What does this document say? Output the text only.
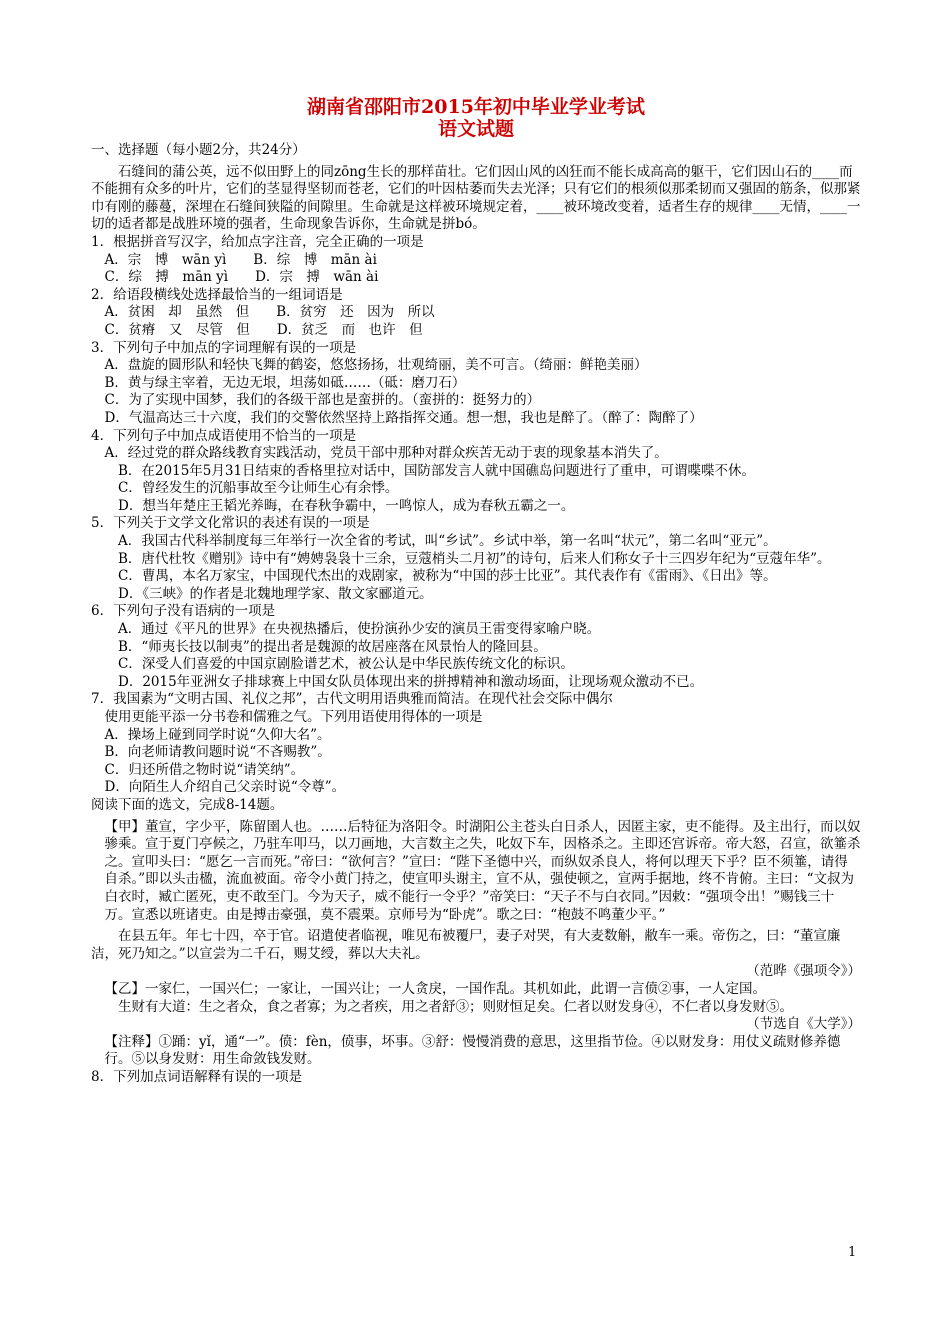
湖南省邵阳市2015年初中毕业学业考试
语文试题

一、选择题（每小题2分，共24分）

石缝间的蒲公英，远不似田野上的同zōng生长的那样苗壮。它们因山风的凶狂而不能长成高高的躯干，它们因山石的____而不能拥有众多的叶片，它们的茎显得坚韧而苍老，它们的叶因枯萎而失去光泽；只有它们的根须似那柔韧而又强固的筋条，似那紧巾有刚的藤蔓，深埋在石缝间狭隘的间隙里。生命就是这样被环境规定着，____被环境改变着，适者生存的规律____无情，____一切的适者都是战胜环境的强者，生命现象告诉你，生命就是拼bó。

1．根据拼音写汉字，给加点字注音，完全正确的一项是

A．宗　博　wān yì　　B．综　博　mān ài

C．综　搏　mān yì　　D．宗　搏　wān ài

2．给语段横线处选择最恰当的一组词语是

A．贫困　却　虽然　但　　B．贫穷　还　因为　所以

C．贫瘠　又　尽管　但　　D．贫乏　而　也许　但

3．下列句子中加点的字词理解有误的一项是

A．盘旋的圆形队和轻快飞舞的鹤姿，悠悠扬扬，壮观绮丽，美不可言。（绮丽：鲜艳美丽）

B．黄与绿主宰着，无边无垠，坦荡如砥……（砥：磨刀石）

C．为了实现中国梦，我们的各级干部也是蛮拼的。（蛮拼的：挺努力的）

D．气温高达三十六度，我们的交警依然坚持上路指挥交通。想一想，我也是醉了。（醉了：陶醉了）

4．下列句子中加点成语使用不恰当的一项是

A．经过党的群众路线教育实践活动，党员干部中那种对群众疾苦无动于衷的现象基本消失了。

B．在2015年5月31日结束的香格里拉对话中，国防部发言人就中国礁岛问题进行了重申，可谓喋喋不休。

C．曾经发生的沉船事故至今让师生心有余悸。

D．想当年楚庄王韬光养晦，在春秋争霸中，一鸣惊人，成为春秋五霸之一。

5．下列关于文学文化常识的表述有误的一项是

A．我国古代科举制度每三年举行一次全省的考试，叫“乡试”。乡试中举，第一名叫“状元”，第二名叫“亚元”。

B．唐代杜牧《赠别》诗中有“娉娉袅袅十三余，豆蔻梢头二月初”的诗句，后来人们称女子十三四岁年纪为“豆蔻年华”。

C．曹禺，本名万家宝，中国现代杰出的戏剧家，被称为“中国的莎士比亚”。其代表作有《雷雨》、《日出》等。

D．《三峡》的作者是北魏地理学家、散文家郦道元。

6．下列句子没有语病的一项是

A．通过《平凡的世界》在央视热播后，使扮演孙少安的演员王雷变得家喻户晓。

B．“师夷长技以制夷”的提出者是魏源的故居座落在风景怡人的隆回县。

C．深受人们喜爱的中国京剧脸谱艺术，被公认是中华民族传统文化的标识。

D．2015年亚洲女子排球赛上中国女队员体现出来的拼搏精神和激动场面，让现场观众激动不已。

7．我国素为“文明古国、礼仪之邦”，古代文明用语典雅而简洁。在现代社会交际中偶尔

使用更能平添一分书卷和儒雅之气。下列用语使用得体的一项是

A．操场上碰到同学时说“久仰大名”。

B．向老师请教问题时说“不吝赐教”。

C．归还所借之物时说“请笑纳”。

D．向陌生人介绍自己父亲时说“令尊”。

阅读下面的选文，完成8-14题。

【甲】董宣，字少平，陈留圉人也。……后特征为洛阳令。时湖阳公主苍头白日杀人，因匿主家，吏不能得。及主出行，而以奴骖乘。宣于夏门亭候之，乃驻车叩马，以刀画地，大言数主之失，叱奴下车，因格杀之。主即还宫诉帝。帝大怒，召宣，欲箠杀之。宣叩头曰：“愿乞一言而死。”帝曰：“欲何言？”宣曰：“陛下圣德中兴，而纵奴杀良人，将何以理天下乎？臣不须箠，请得自杀。”即以头击楹，流血被面。帝令小黄门持之，使宣叩头谢主，宣不从，强使顿之，宣两手据地，终不肯俯。主曰：“文叔为白衣时，臧亡匿死，吏不敢至门。今为天子，威不能行一令乎？”帝笑曰：“天子不与白衣同。”因敕：“强项令出！”赐钱三十万。宣悉以班诸吏。由是搏击豪强，莫不震栗。京师号为“卧虎”。歌之曰：“枹鼓不鸣董少平。”

在县五年。年七十四，卒于官。诏遣使者临视，唯见布被覆尸，妻子对哭，有大麦数斛，敝车一乘。帝伤之，曰：“董宣廉洁，死乃知之。”以宣尝为二千石，赐艾绶，葬以大夫礼。

（范晔《强项令》）

【乙】一家仁，一国兴仁；一家让，一国兴让；一人贪戾，一国作乱。其机如此，此谓一言偾②事，一人定国。

生财有大道：生之者众，食之者寡；为之者疾，用之者舒③；则财恒足矣。仁者以财发身④，不仁者以身发财⑤。

（节选自《大学》）

【注释】①踊：yǐ，通“一”。偾：fèn，偾事，坏事。③舒：慢慢消费的意思，这里指节俭。④以财发身：用仗义疏财修养德行。⑤以身发财：用生命敛钱发财。

8．下列加点词语解释有误的一项是

1
